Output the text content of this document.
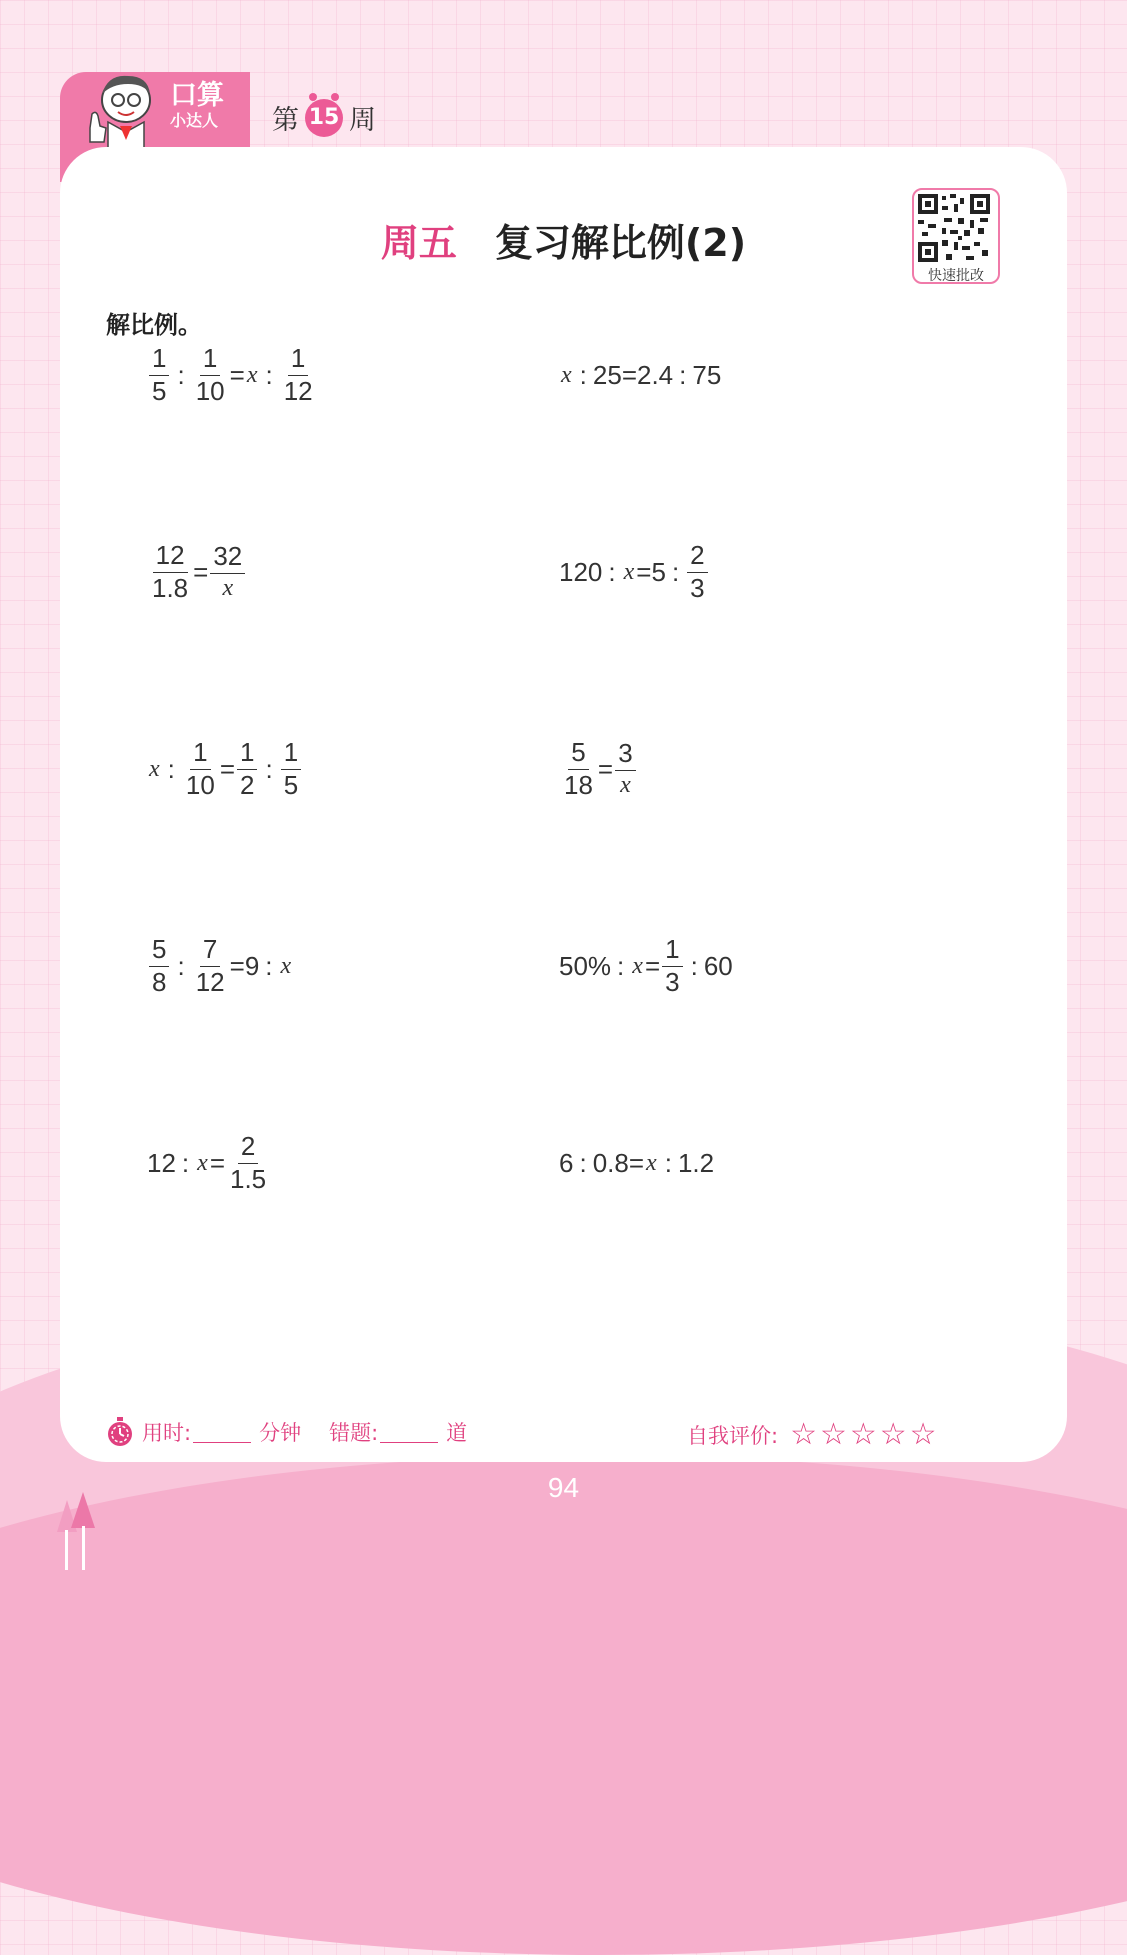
口算
小达人 第 15 周
周五 复习解比例(2)
快速批改
解比例。
$\frac{1}{5}$ : $\frac{1}{10} = x$ : $\frac{1}{12}$	x : 25 = 2.4 : 75
$\frac{12}{1.8} = \frac{32}{x}$	120 : x = 5 : $\frac{2}{3}$
x : $\frac{1}{10} = \frac{1}{2}$ : $\frac{1}{5}$	$\frac{5}{18} = \frac{3}{x}$
$\frac{5}{8}$ : $\frac{7}{12} = 9$ : x	50% : $x = \frac{1}{3}$ : 60
12 : $x = \frac{2}{1.5}$	6 : 0.8 = x : 1.2
用时:	分钟 错题:	道	自我评价: ☆☆☆☆☆
94
